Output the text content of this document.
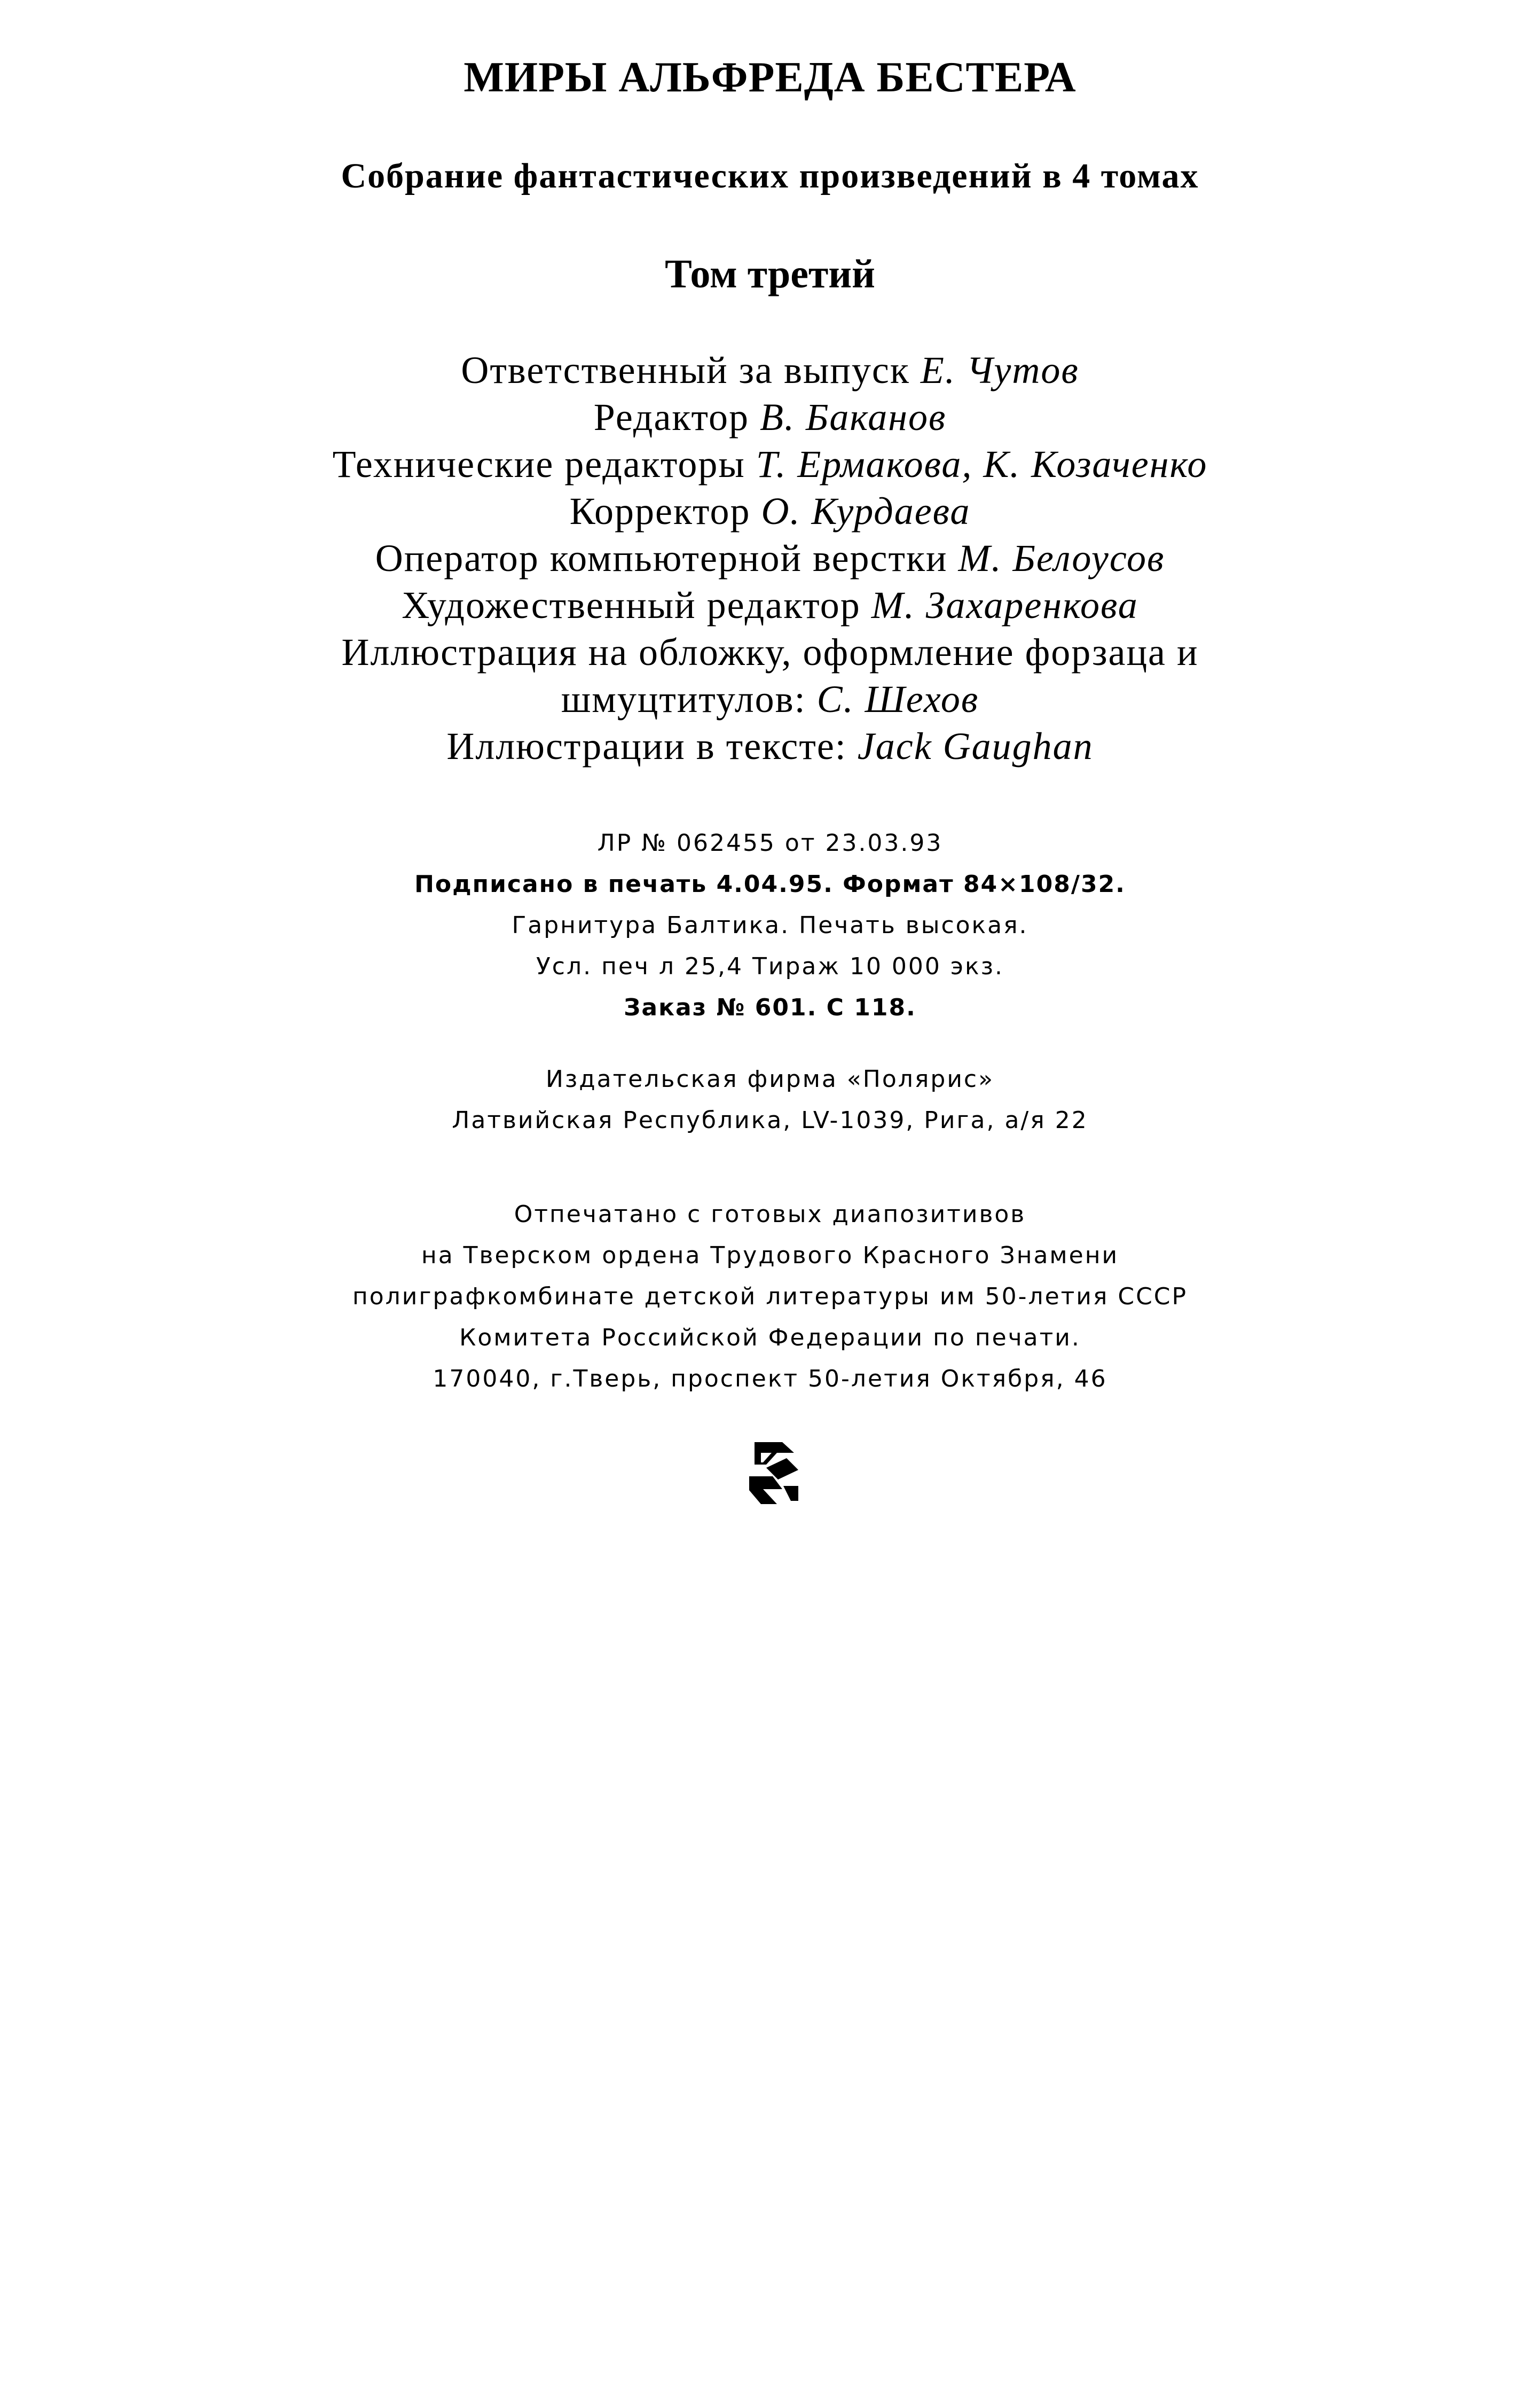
МИРЫ АЛЬФРЕДА БЕСТЕРА
Собрание фантастических произведений в 4 томах
Том третий
Ответственный за выпуск Е. Чутов
Редактор В. Баканов
Технические редакторы Т. Ермакова, К. Козаченко
Корректор О. Курдаева
Оператор компьютерной верстки М. Белоусов
Художественный редактор М. Захаренкова
Иллюстрация на обложку, оформление форзаца и
шмуцтитулов: С. Шехов
Иллюстрации в тексте: Jack Gaughan
ЛР № 062455 от 23.03.93
Подписано в печать 4.04.95. Формат 84×108/32.
Гарнитура Балтика. Печать высокая.
Усл. печ л 25,4 Тираж 10 000 экз.
Заказ № 601. С 118.
Издательская фирма «Полярис»
Латвийская Республика, LV-1039, Рига, а/я 22
Отпечатано с готовых диапозитивов
на Тверском ордена Трудового Красного Знамени
полиграфкомбинате детской литературы им 50-летия СССР
Комитета Российской Федерации по печати.
170040, г.Тверь, проспект 50-летия Октября, 46
